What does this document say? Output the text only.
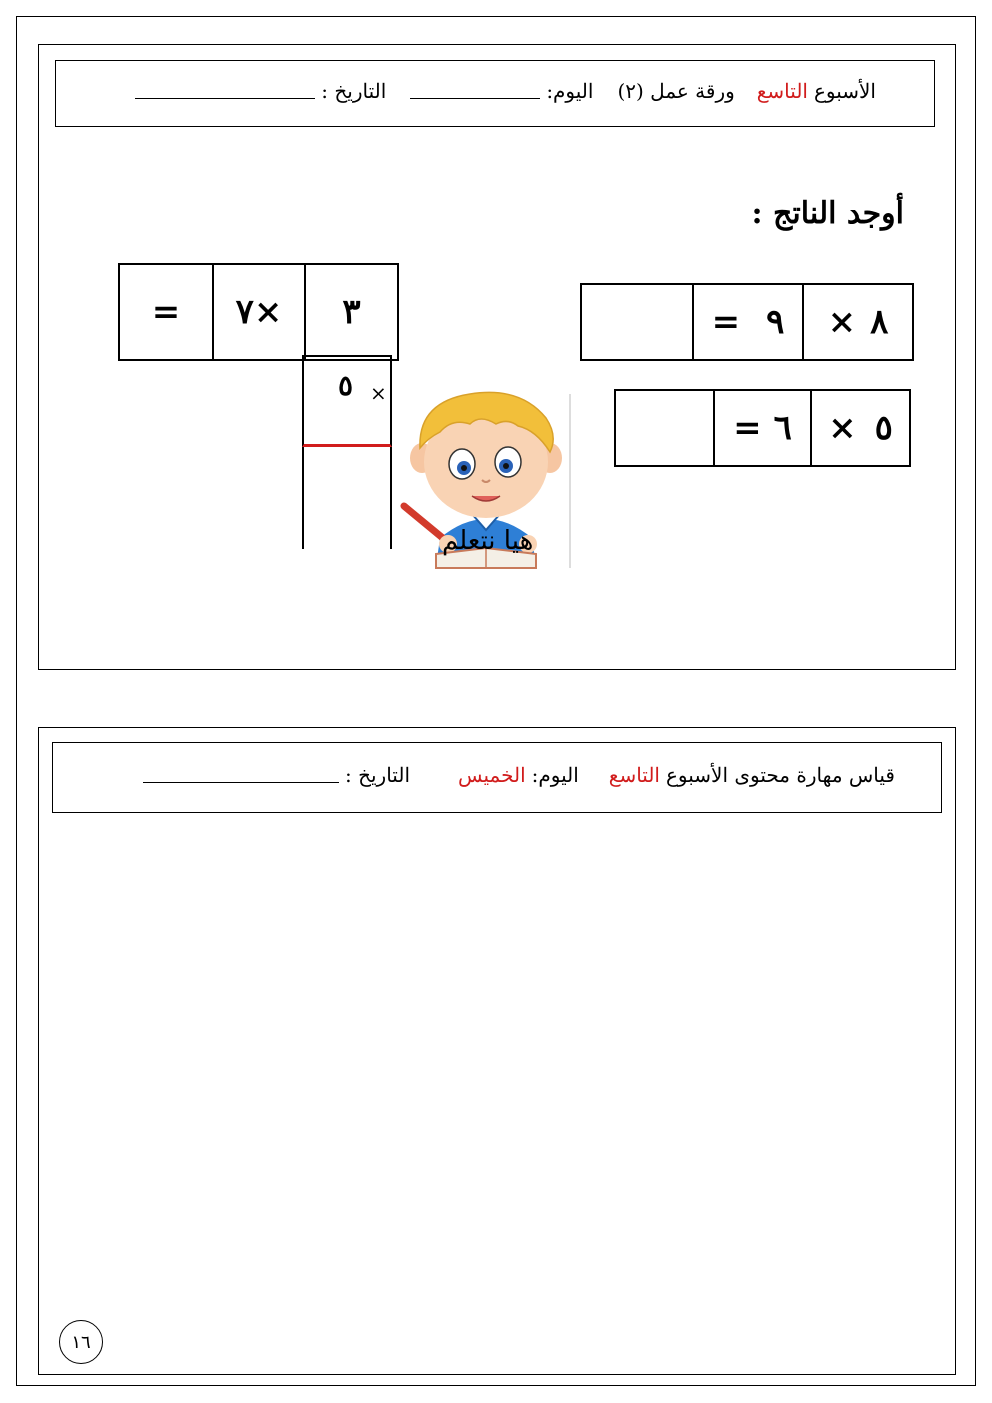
الأسبوع
التاسع
ورقة عمل (٢)
اليوم:
التاريخ :
أوجد الناتج :
= ٩ × ٨
= ٦ × ٥
= ٧× ٣
٥ ×
هيا نتعلم
قياس مهارة محتوى الأسبوع
التاسع
اليوم:
الخميس
التاريخ :
١٦
